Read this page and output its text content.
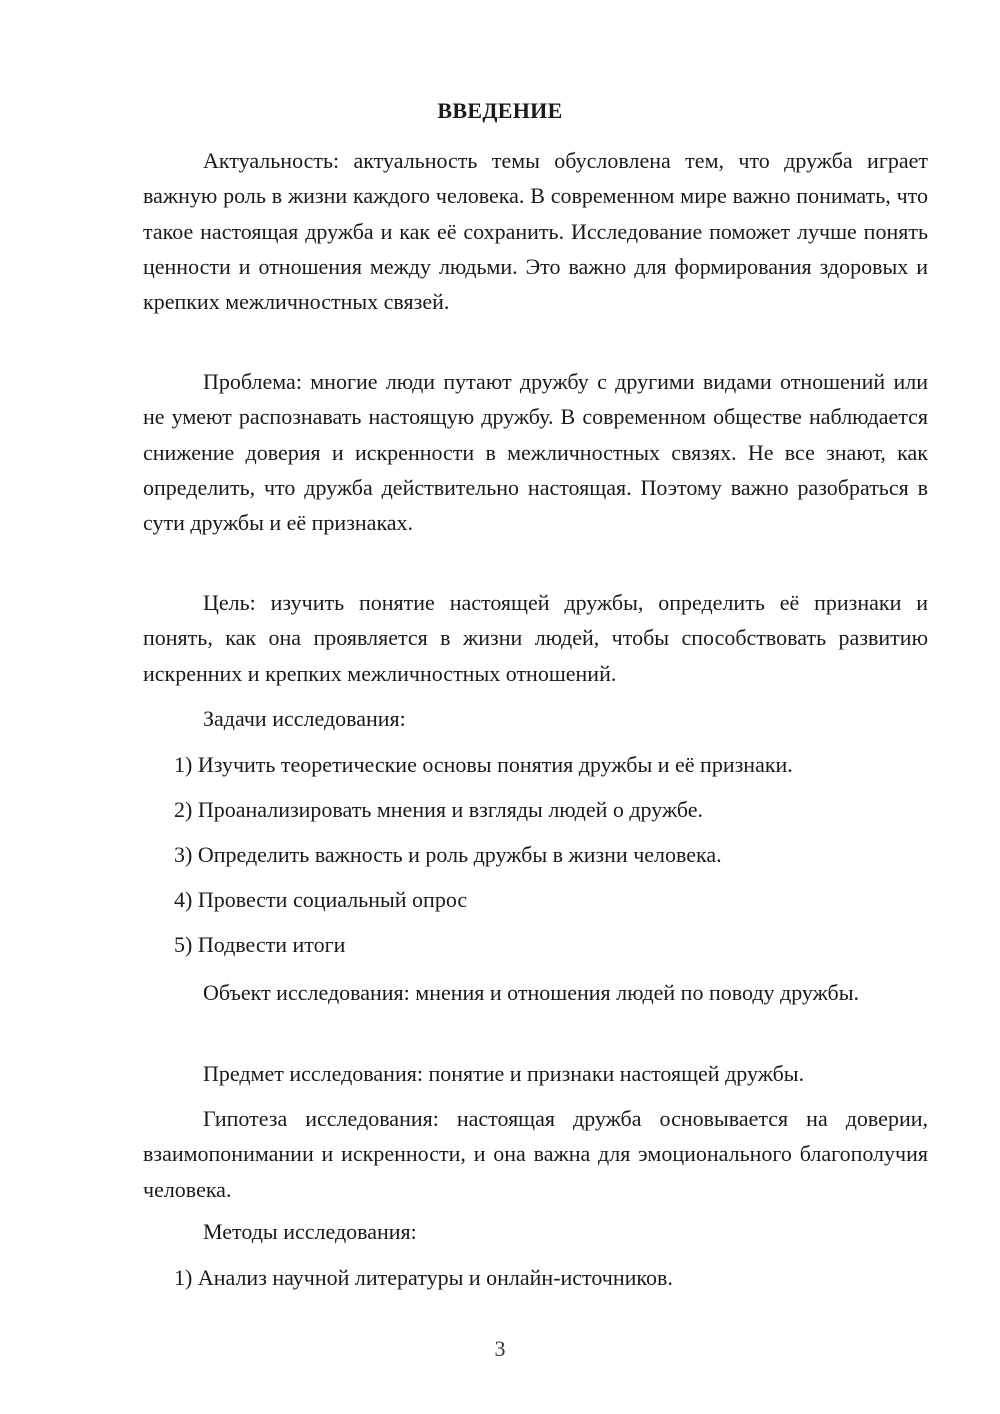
ВВЕДЕНИЕ

Актуальность: актуальность темы обусловлена тем, что дружба играет важную роль в жизни каждого человека. В современном мире важно понимать, что такое настоящая дружба и как её сохранить. Исследование поможет лучше понять ценности и отношения между людьми. Это важно для формирования здоровых и крепких межличностных связей.

Проблема: многие люди путают дружбу с другими видами отношений или не умеют распознавать настоящую дружбу. В современном обществе наблюдается снижение доверия и искренности в межличностных связях. Не все знают, как определить, что дружба действительно настоящая. Поэтому важно разобраться в сути дружбы и её признаках.

Цель: изучить понятие настоящей дружбы, определить её признаки и понять, как она проявляется в жизни людей, чтобы способствовать развитию искренних и крепких межличностных отношений.

Задачи исследования:

1) Изучить теоретические основы понятия дружбы и её признаки.

2) Проанализировать мнения и взгляды людей о дружбе.

3) Определить важность и роль дружбы в жизни человека.

4) Провести социальный опрос

5) Подвести итоги

Объект исследования: мнения и отношения людей по поводу дружбы.

Предмет исследования: понятие и признаки настоящей дружбы.

Гипотеза исследования: настоящая дружба основывается на доверии, взаимопонимании и искренности, и она важна для эмоционального благополучия человека.

Методы исследования:

1) Анализ научной литературы и онлайн-источников.

3
